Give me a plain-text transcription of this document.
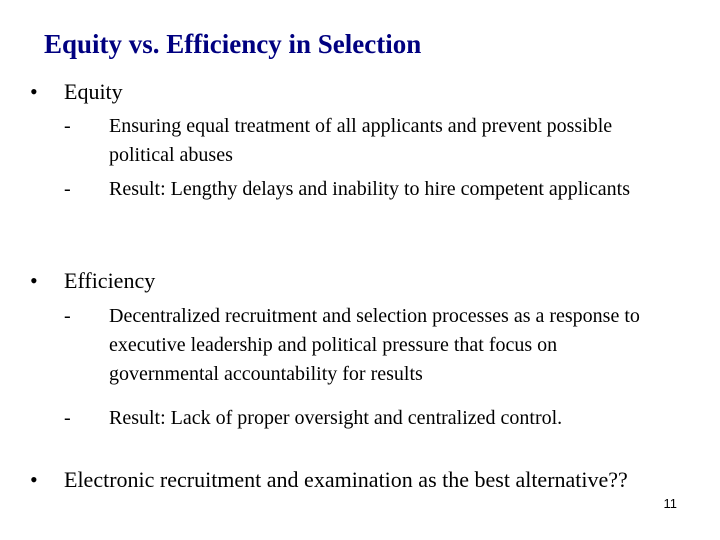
Equity vs. Efficiency in Selection
• Equity
- Ensuring equal treatment of all applicants and prevent possible political abuses
- Result: Lengthy delays and inability to hire competent applicants
• Efficiency
- Decentralized recruitment and selection processes as a response to executive leadership and political pressure that focus on governmental accountability for results
- Result: Lack of proper oversight and centralized control.
• Electronic recruitment and examination as the best alternative??
11
